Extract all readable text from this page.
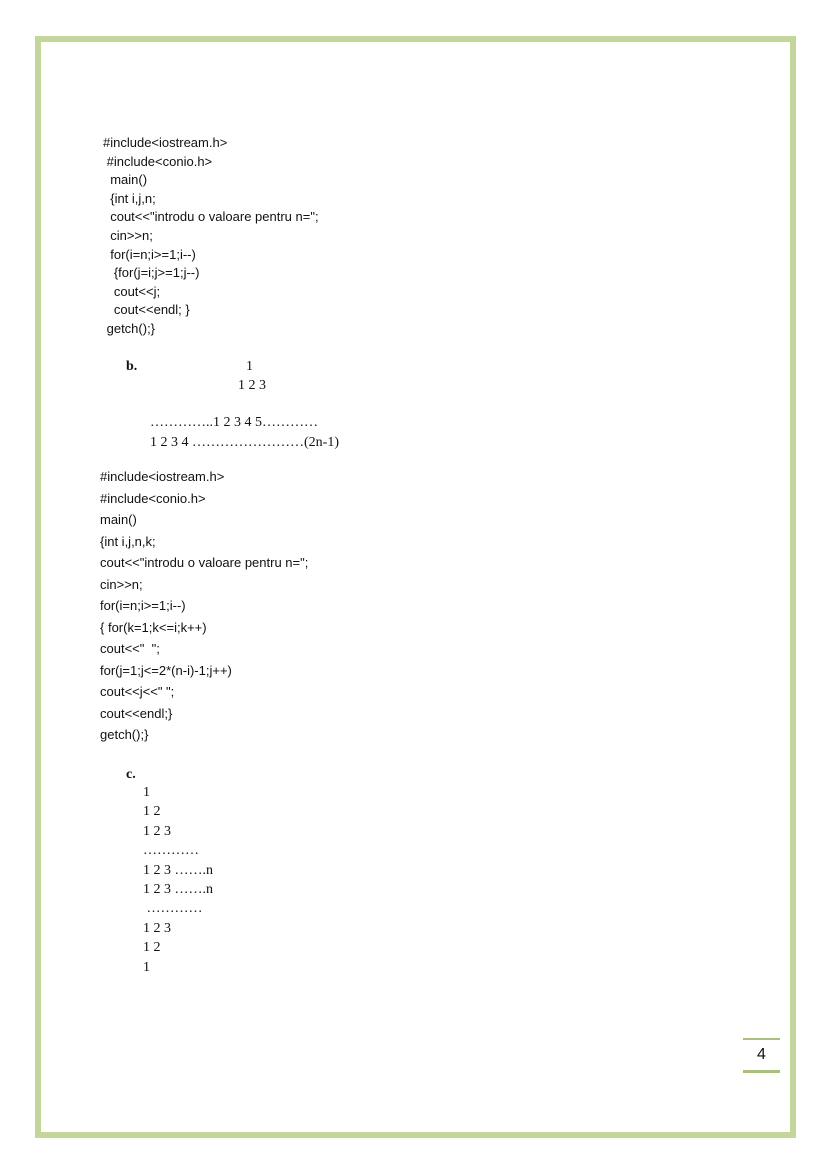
#include<iostream.h>
#include<conio.h>
main()
{int i,j,n;
cout<<"introdu o valoare pentru n=";
cin>>n;
for(i=n;i>=1;i--)
{for(j=i;j>=1;j--)
cout<<j;
cout<<endl; }
getch();}
b.	1
1 2 3
…………..1 2 3 4 5…………
1 2 3 4 ……………………(2n-1)
#include<iostream.h>
#include<conio.h>
main()
{int i,j,n,k;
cout<<"introdu o valoare pentru n=";
cin>>n;
for(i=n;i>=1;i--)
{ for(k=1;k<=i;k++)
cout<<"  ";
for(j=1;j<=2*(n-i)-1;j++)
cout<<j<<" ";
cout<<endl;}
getch();}
c.
1
1 2
1 2 3
…………
1 2 3 …….n
1 2 3 …….n
…………
1 2 3
1 2
1
4
